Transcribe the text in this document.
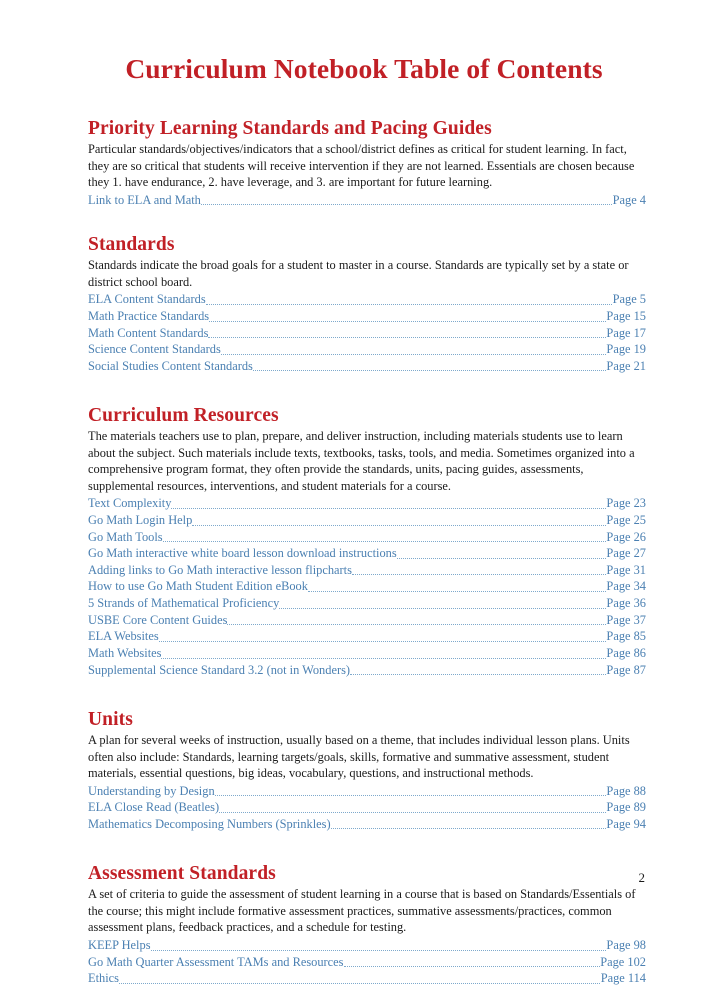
Curriculum Notebook Table of Contents
Priority Learning Standards and Pacing Guides

Particular standards/objectives/indicators that a school/district defines as critical for student learning. In fact, they are so critical that students will receive intervention if they are not learned. Essentials are chosen because they 1. have endurance, 2. have leverage, and 3. are important for future learning.

Link to ELA and Math	Page 4
Standards

Standards indicate the broad goals for a student to master in a course. Standards are typically set by a state or district school board.

ELA Content Standards	Page 5
Math Practice Standards	Page 15
Math Content Standards	Page 17
Science Content Standards	Page 19
Social Studies Content Standards	Page 21
Curriculum Resources

The materials teachers use to plan, prepare, and deliver instruction, including materials students use to learn about the subject. Such materials include texts, textbooks, tasks, tools, and media. Sometimes organized into a comprehensive program format, they often provide the standards, units, pacing guides, assessments, supplemental resources, interventions, and student materials for a course.

Text Complexity	Page 23
Go Math Login Help	Page 25
Go Math Tools	Page 26
Go Math interactive white board lesson download instructions	Page 27
Adding links to Go Math interactive lesson flipcharts	Page 31
How to use Go Math Student Edition eBook	Page 34
5 Strands of Mathematical Proficiency	Page 36
USBE Core Content Guides	Page 37
ELA Websites	Page 85
Math Websites	Page 86
Supplemental Science Standard 3.2 (not in Wonders)	Page 87
Units

A plan for several weeks of instruction, usually based on a theme, that includes individual lesson plans. Units often also include: Standards, learning targets/goals, skills, formative and summative assessment, student materials, essential questions, big ideas, vocabulary, questions, and instructional methods.

Understanding by Design	Page 88
ELA Close Read (Beatles)	Page 89
Mathematics Decomposing Numbers (Sprinkles)	Page 94
Assessment Standards

A set of criteria to guide the assessment of student learning in a course that is based on Standards/Essentials of the course; this might include formative assessment practices, summative assessments/practices, common assessment plans, feedback practices, and a schedule for testing.

KEEP Helps	Page 98
Go Math Quarter Assessment TAMs and Resources	Page 102
Ethics	Page 114
2
